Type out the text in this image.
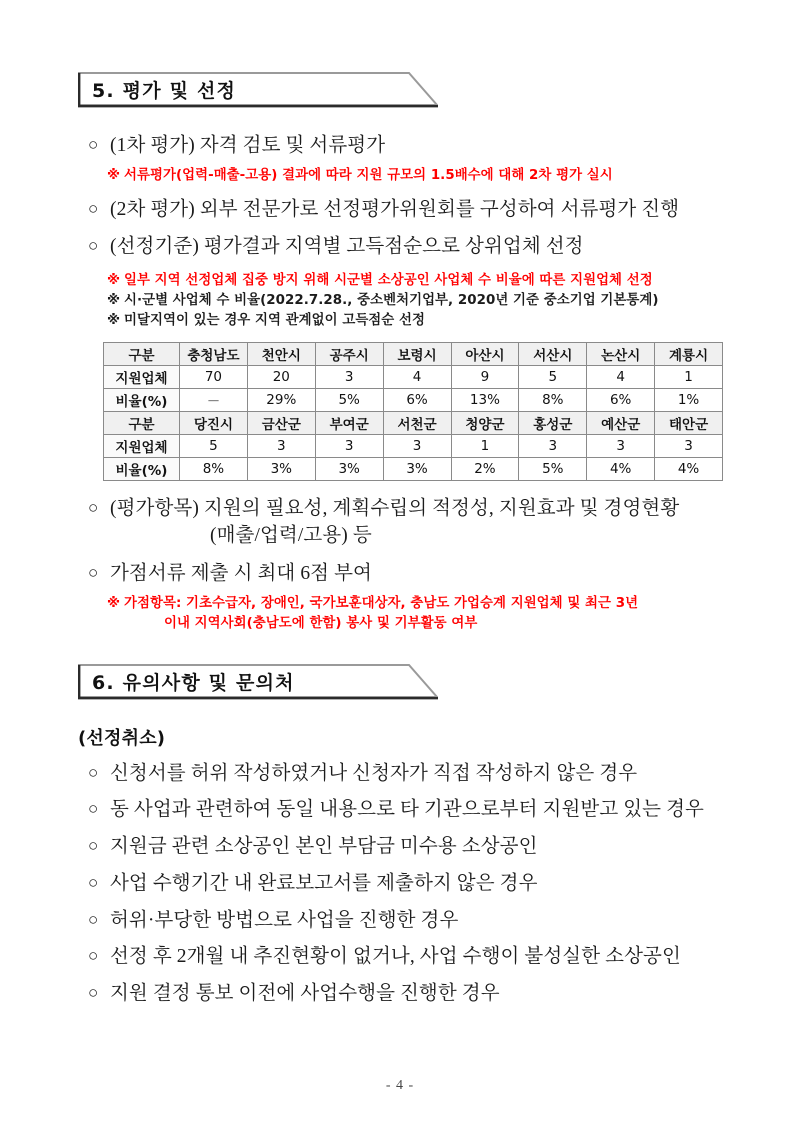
5. 평가 및 선정
○ (1차 평가) 자격 검토 및 서류평가
※ 서류평가(업력-매출-고용) 결과에 따라 지원 규모의 1.5배수에 대해 2차 평가 실시
○ (2차 평가) 외부 전문가로 선정평가위원회를 구성하여 서류평가 진행
○ (선정기준) 평가결과 지역별 고득점순으로 상위업체 선정
※ 일부 지역 선정업체 집중 방지 위해 시군별 소상공인 사업체 수 비율에 따른 지원업체 선정
※ 시·군별 사업체 수 비율(2022.7.28., 중소벤처기업부, 2020년 기준 중소기업 기본통계)
※ 미달지역이 있는 경우 지역 관계없이 고득점순 선정
구분	충청남도	천안시	공주시	보령시	아산시	서산시	논산시	계룡시
지원업체	70	20	3	4	9	5	4	1
비율(%)	－	29%	5%	6%	13%	8%	6%	1%
구분	당진시	금산군	부여군	서천군	청양군	홍성군	예산군	태안군
지원업체	5	3	3	3	1	3	3	3
비율(%)	8%	3%	3%	3%	2%	5%	4%	4%
○ (평가항목) 지원의 필요성, 계획수립의 적정성, 지원효과 및 경영현황
(매출/업력/고용) 등
○ 가점서류 제출 시 최대 6점 부여
※ 가점항목: 기초수급자, 장애인, 국가보훈대상자, 충남도 가업승계 지원업체 및 최근 3년
이내 지역사회(충남도에 한함) 봉사 및 기부활동 여부
6. 유의사항 및 문의처
(선정취소)
○ 신청서를 허위 작성하였거나 신청자가 직접 작성하지 않은 경우
○ 동 사업과 관련하여 동일 내용으로 타 기관으로부터 지원받고 있는 경우
○ 지원금 관련 소상공인 본인 부담금 미수용 소상공인
○ 사업 수행기간 내 완료보고서를 제출하지 않은 경우
○ 허위·부당한 방법으로 사업을 진행한 경우
○ 선정 후 2개월 내 추진현황이 없거나, 사업 수행이 불성실한 소상공인
○ 지원 결정 통보 이전에 사업수행을 진행한 경우
- 4 -
